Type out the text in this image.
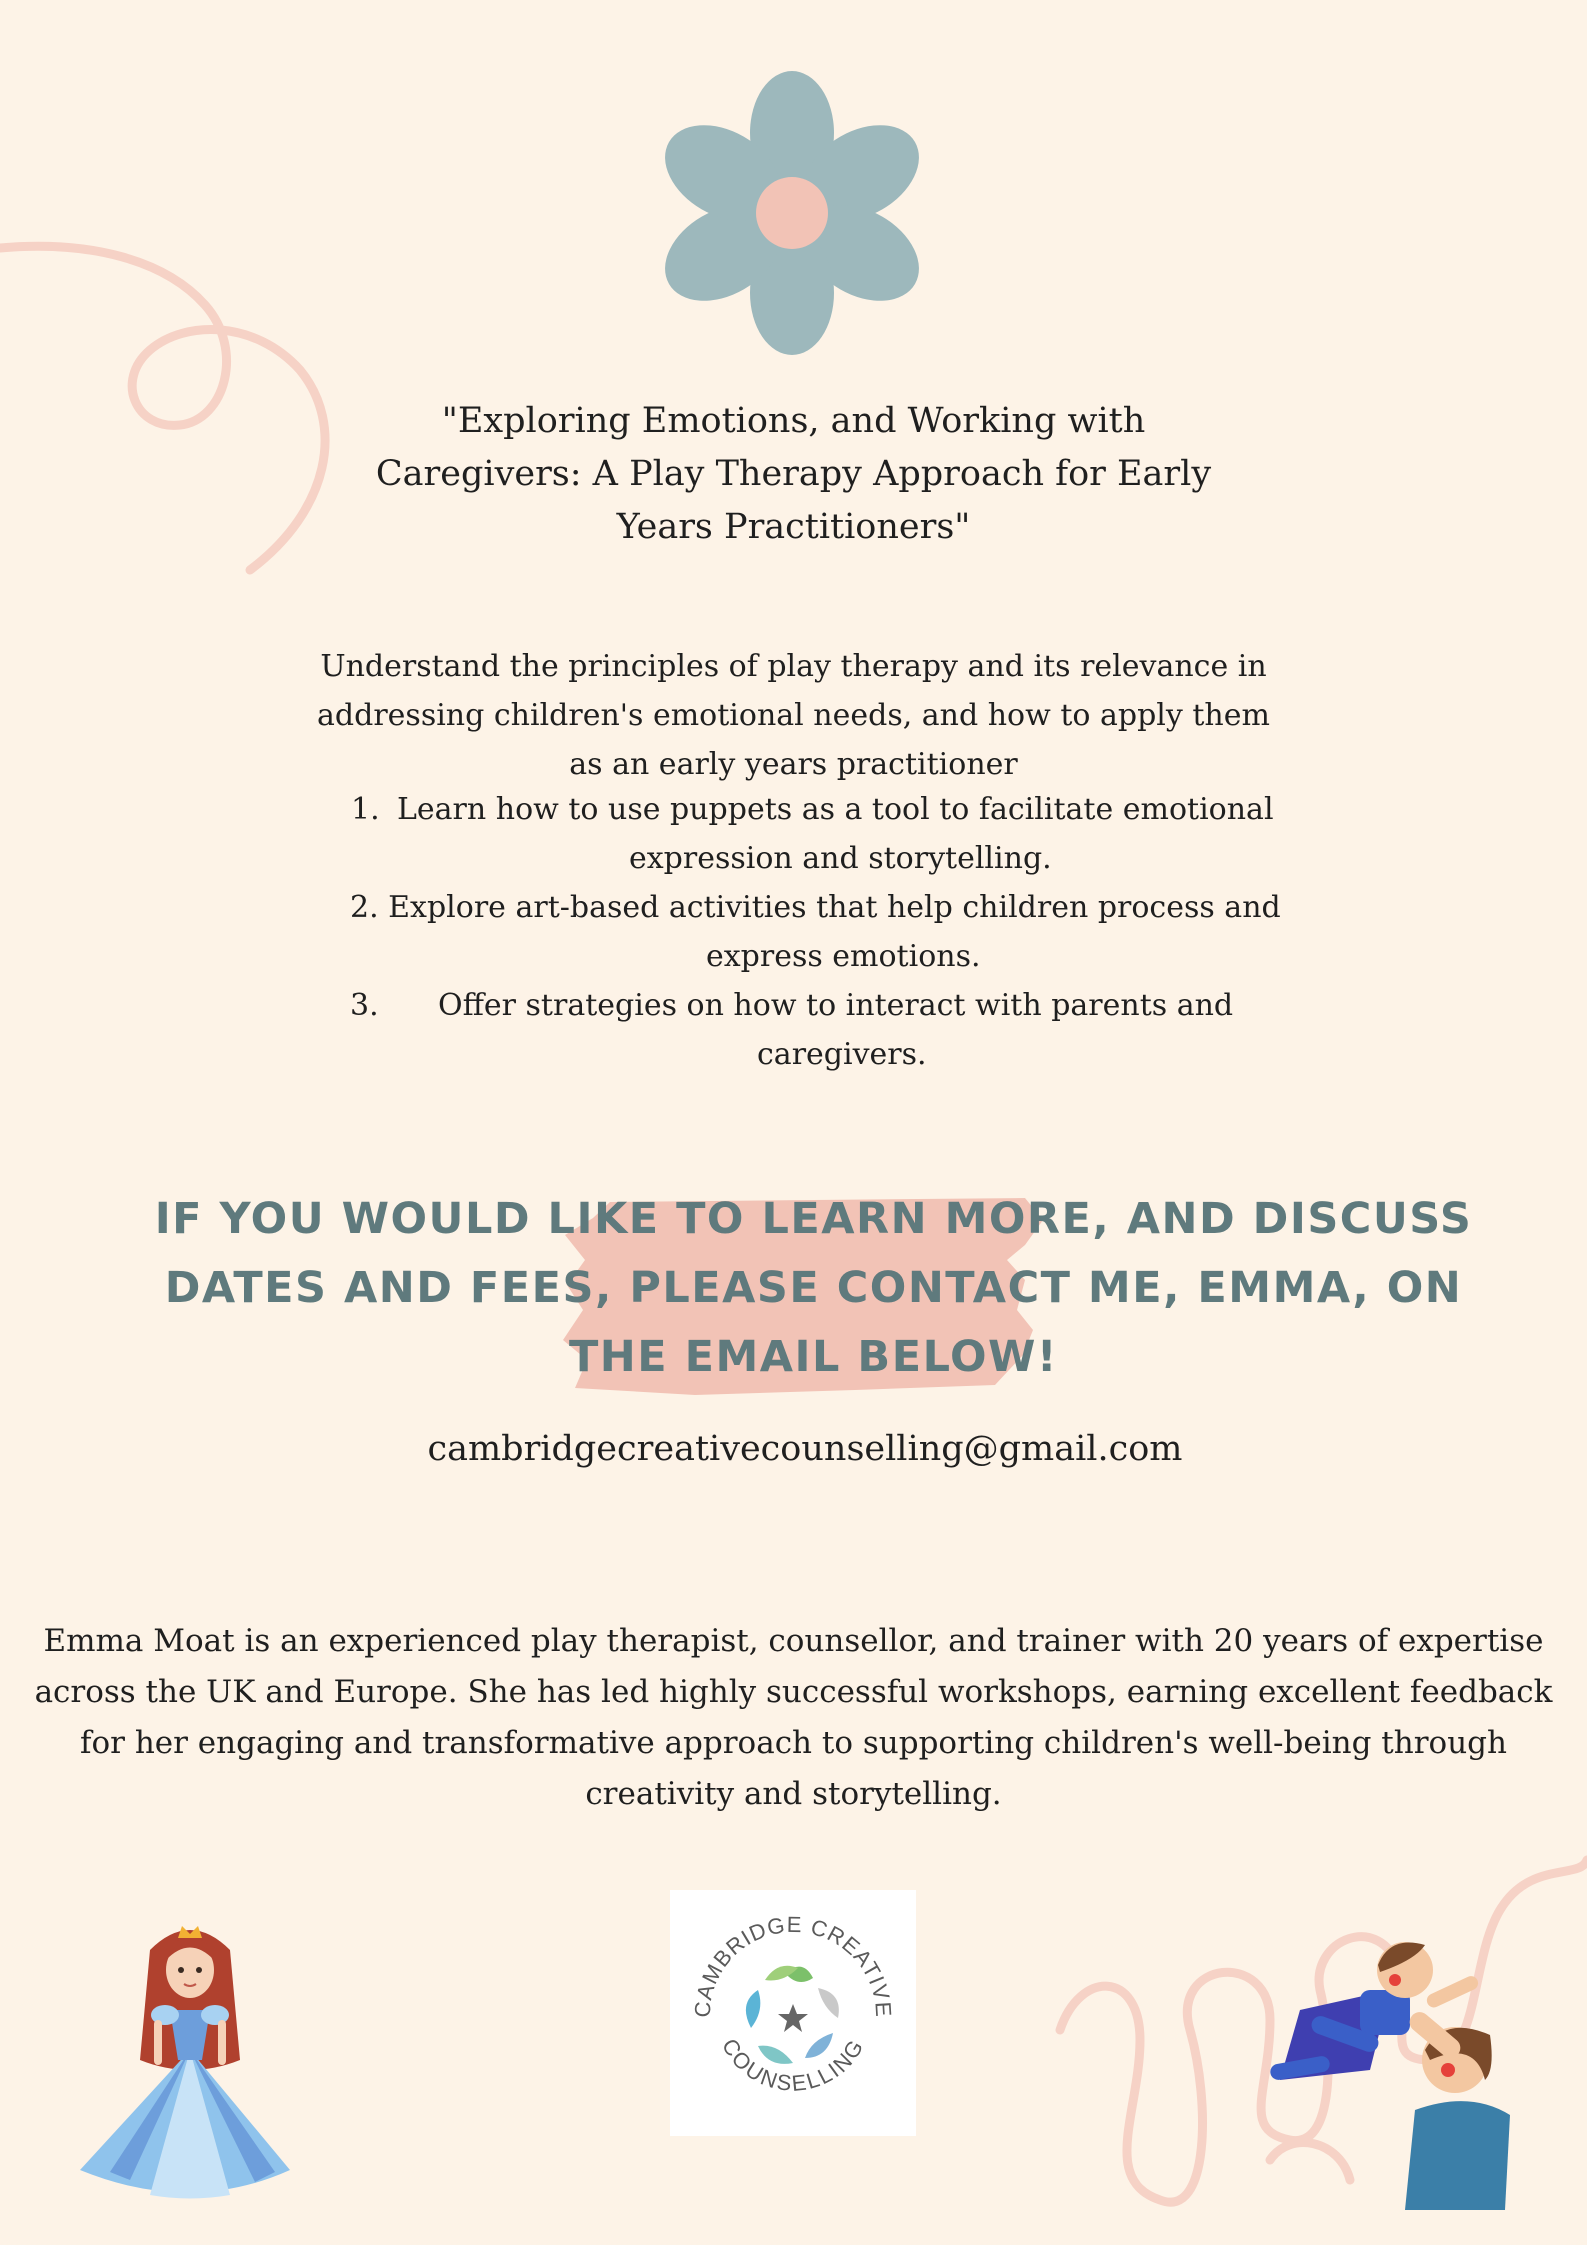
"Exploring Emotions, and Working with
Caregivers: A Play Therapy Approach for Early
Years Practitioners"
Understand the principles of play therapy and its relevance in
addressing children's emotional needs, and how to apply them
as an early years practitioner
1. Learn how to use puppets as a tool to facilitate emotional
expression and storytelling.
2. Explore art-based activities that help children process and
express emotions.
3. Offer strategies on how to interact with parents and
caregivers.
IF YOU WOULD LIKE TO LEARN MORE, AND DISCUSS
DATES AND FEES, PLEASE CONTACT ME, EMMA, ON
THE EMAIL BELOW!
cambridgecreativecounselling@gmail.com
Emma Moat is an experienced play therapist, counsellor, and trainer with 20 years of expertise
across the UK and Europe. She has led highly successful workshops, earning excellent feedback
for her engaging and transformative approach to supporting children's well-being through
creativity and storytelling.
CAMBRIDGE CREATIVE
COUNSELLING
